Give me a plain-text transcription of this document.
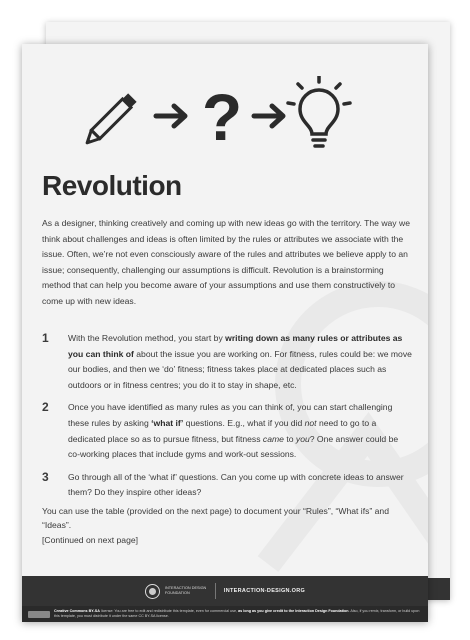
?
Revolution

As a designer, thinking creatively and coming up with new ideas go with the territory. The way we think about challenges and ideas is often limited by the rules or attributes we associate with the issue. Often, we’re not even consciously aware of the rules and attributes we believe apply to an issue; consequently, challenging our assumptions is difficult. Revolution is a brainstorming method that can help you become aware of your assumptions and use them constructively to come up with new ideas.

1	With the Revolution method, you start by writing down as many rules or attributes as you can think of about the issue you are working on. For fitness, rules could be: we move our bodies, and then we ‘do’ fitness; fitness takes place at dedicated places such as outdoors or in fitness centres; you do it to stay in shape, etc.
2	Once you have identified as many rules as you can think of, you can start challenging these rules by asking ‘what if’ questions. E.g., what if you did not need to go to a dedicated place so as to pursue fitness, but fitness came to you? One answer could be co-working places that include gyms and work-out sessions.
3	Go through all of the ‘what if’ questions. Can you come up with concrete ideas to answer them? Do they inspire other ideas?

You can use the table (provided on the next page) to document your “Rules”, “What ifs” and “Ideas”.

[Continued on next page]

INTERACTION DESIGN FOUNDATION	INTERACTION-DESIGN.ORG
Creative Commons BY-SA license: You are free to edit and redistribute this template, even for commercial use, as long as you give credit to the Interaction Design Foundation. Also, if you remix, transform, or build upon this template, you must distribute it under the same CC BY-SA license.
